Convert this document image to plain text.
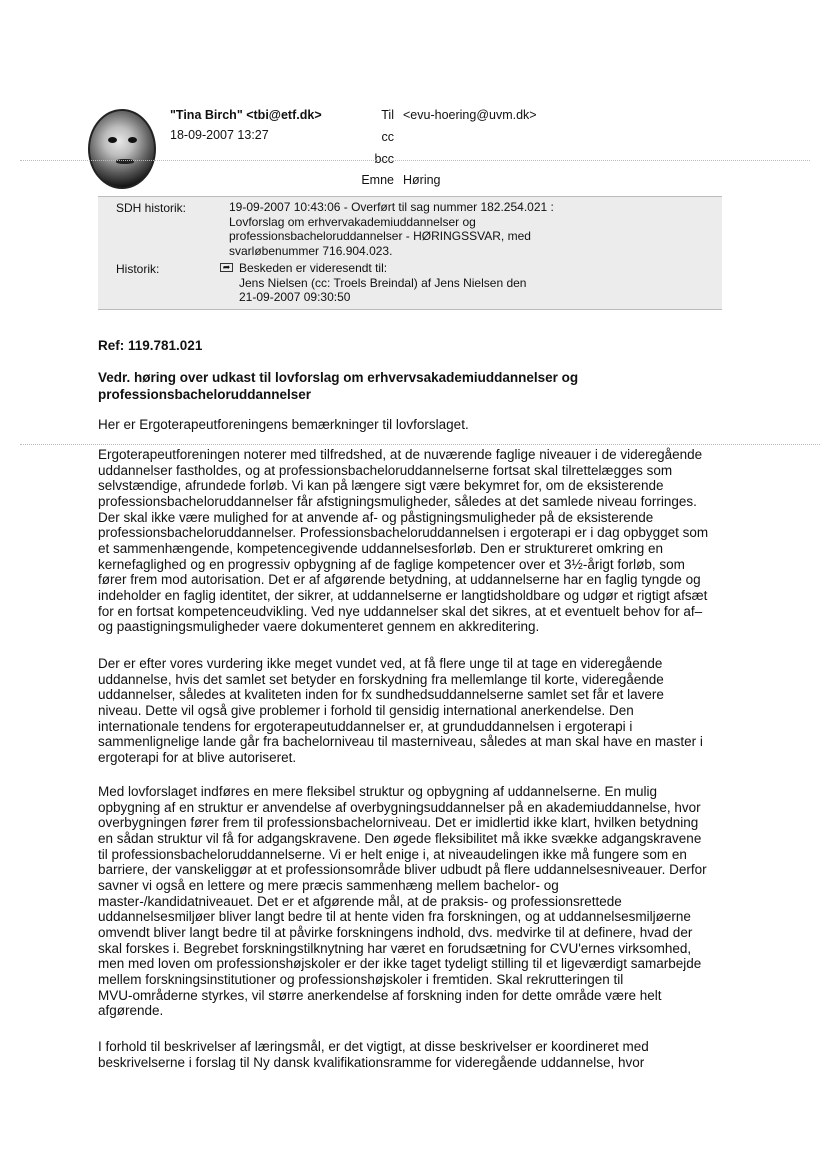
"Tina Birch" <tbi@etf.dk>
18-09-2007 13:27
Til <evu-hoering@uvm.dk>
cc
bcc
Emne Høring
SDH historik:	19-09-2007 10:43:06 - Overført til sag nummer 182.254.021 :
Lovforslag om erhvervakademiuddannelser og
professionsbacheloruddannelser - HØRINGSSVAR, med
svarløbenummer 716.904.023.
Historik:	➦ Beskeden er videresendt til:
Jens Nielsen (cc: Troels Breindal) af Jens Nielsen den
21-09-2007 09:30:50
Ref: 119.781.021
Vedr. høring over udkast til lovforslag om erhvervsakademiuddannelser og
professionsbacheloruddannelser
Her er Ergoterapeutforeningens bemærkninger til lovforslaget.
Ergoterapeutforeningen noterer med tilfredshed, at de nuværende faglige niveauer i de videregående
uddannelser fastholdes, og at professionsbacheloruddannelserne fortsat skal tilrettelægges som
selvstændige, afrundede forløb. Vi kan på længere sigt være bekymret for, om de eksisterende
professionsbacheloruddannelser får afstigningsmuligheder, således at det samlede niveau forringes.
Der skal ikke være mulighed for at anvende af- og påstigningsmuligheder på de eksisterende
professionsbacheloruddannelser. Professionsbacheloruddannelsen i ergoterapi er i dag opbygget som
et sammenhængende, kompetencegivende uddannelsesforløb. Den er struktureret omkring en
kernefaglighed og en progressiv opbygning af de faglige kompetencer over et 3½-årigt forløb, som
fører frem mod autorisation. Det er af afgørende betydning, at uddannelserne har en faglig tyngde og
indeholder en faglig identitet, der sikrer, at uddannelserne er langtidsholdbare og udgør et rigtigt afsæt
for en fortsat kompetenceudvikling. Ved nye uddannelser skal det sikres, at et eventuelt behov for af–
og paastigningsmuligheder vaere dokumenteret gennem en akkreditering.
Der er efter vores vurdering ikke meget vundet ved, at få flere unge til at tage en videregående
uddannelse, hvis det samlet set betyder en forskydning fra mellemlange til korte, videregående
uddannelser, således at kvaliteten inden for fx sundhedsuddannelserne samlet set får et lavere
niveau. Dette vil også give problemer i forhold til gensidig international anerkendelse. Den
internationale tendens for ergoterapeutuddannelser er, at grunduddannelsen i ergoterapi i
sammenlignelige lande går fra bachelorniveau til masterniveau, således at man skal have en master i
ergoterapi for at blive autoriseret.
Med lovforslaget indføres en mere fleksibel struktur og opbygning af uddannelserne. En mulig
opbygning af en struktur er anvendelse af overbygningsuddannelser på en akademiuddannelse, hvor
overbygningen fører frem til professionsbachelorniveau. Det er imidlertid ikke klart, hvilken betydning
en sådan struktur vil få for adgangskravene. Den øgede fleksibilitet må ikke svække adgangskravene
til professionsbacheloruddannelserne. Vi er helt enige i, at niveaudelingen ikke må fungere som en
barriere, der vanskeliggør at et professionsområde bliver udbudt på flere uddannelsesniveauer. Derfor
savner vi også en lettere og mere præcis sammenhæng mellem bachelor- og
master-/kandidatniveauet. Det er et afgørende mål, at de praksis- og professionsrettede
uddannelsesmiljøer bliver langt bedre til at hente viden fra forskningen, og at uddannelsesmiljøerne
omvendt bliver langt bedre til at påvirke forskningens indhold, dvs. medvirke til at definere, hvad der
skal forskes i. Begrebet forskningstilknytning har været en forudsætning for CVU'ernes virksomhed,
men med loven om professionshøjskoler er der ikke taget tydeligt stilling til et ligeværdigt samarbejde
mellem forskningsinstitutioner og professionshøjskoler i fremtiden. Skal rekrutteringen til
MVU-områderne styrkes, vil større anerkendelse af forskning inden for dette område være helt
afgørende.
I forhold til beskrivelser af læringsmål, er det vigtigt, at disse beskrivelser er koordineret med
beskrivelserne i forslag til Ny dansk kvalifikationsramme for videregående uddannelse, hvor
